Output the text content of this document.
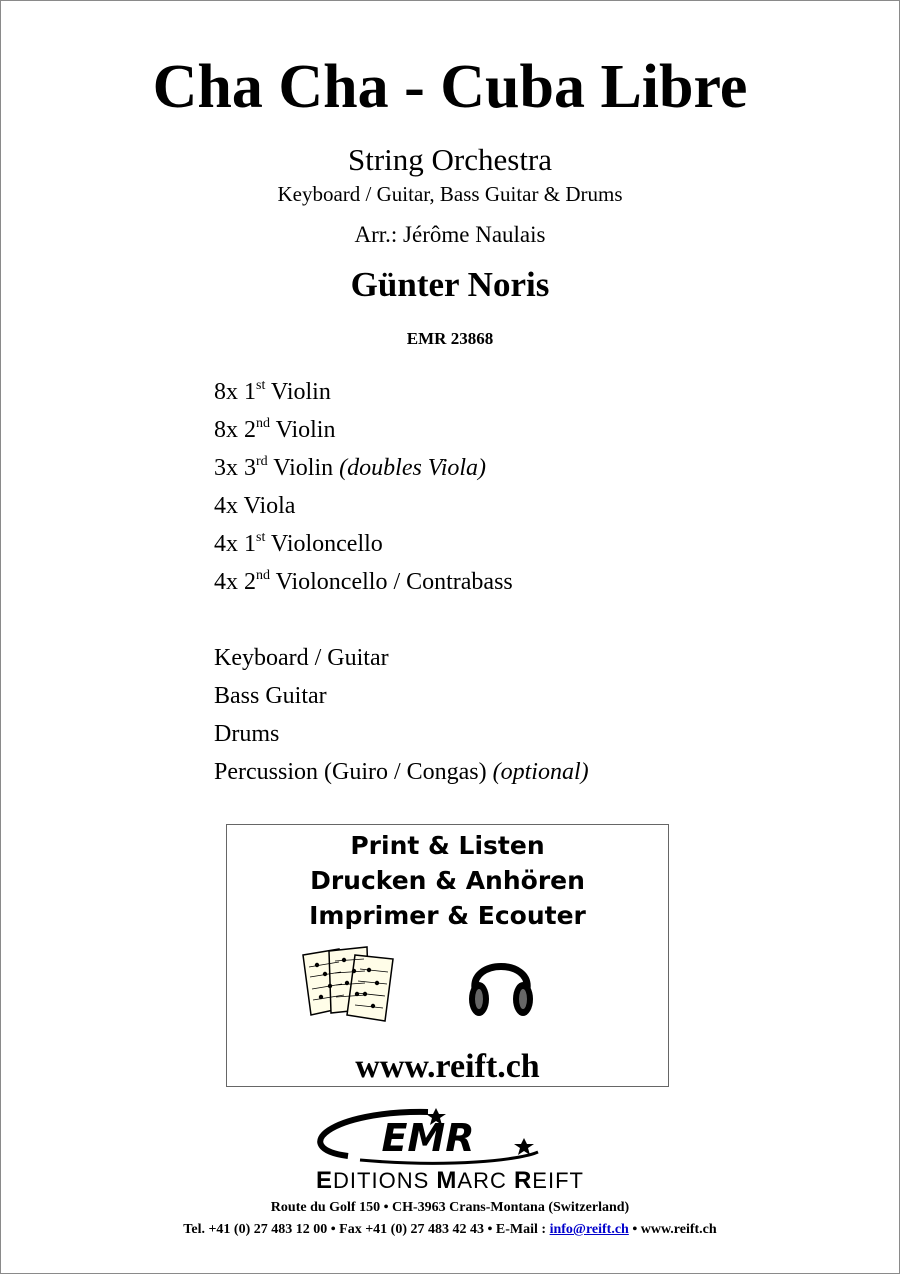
Cha Cha - Cuba Libre
String Orchestra
Keyboard / Guitar, Bass Guitar & Drums
Arr.: Jérôme Naulais
Günter Noris
EMR 23868
8x 1st Violin
8x 2nd Violin
3x 3rd Violin (doubles Viola)
4x Viola
4x 1st Violoncello
4x 2nd Violoncello / Contrabass
Keyboard / Guitar
Bass Guitar
Drums
Percussion (Guiro / Congas) (optional)
Print & Listen
Drucken & Anhören
Imprimer & Ecouter
www.reift.ch
EMR
EDITIONS MARC REIFT
Route du Golf 150 • CH-3963 Crans-Montana (Switzerland)
Tel. +41 (0) 27 483 12 00 • Fax +41 (0) 27 483 42 43 • E-Mail : info@reift.ch • www.reift.ch
